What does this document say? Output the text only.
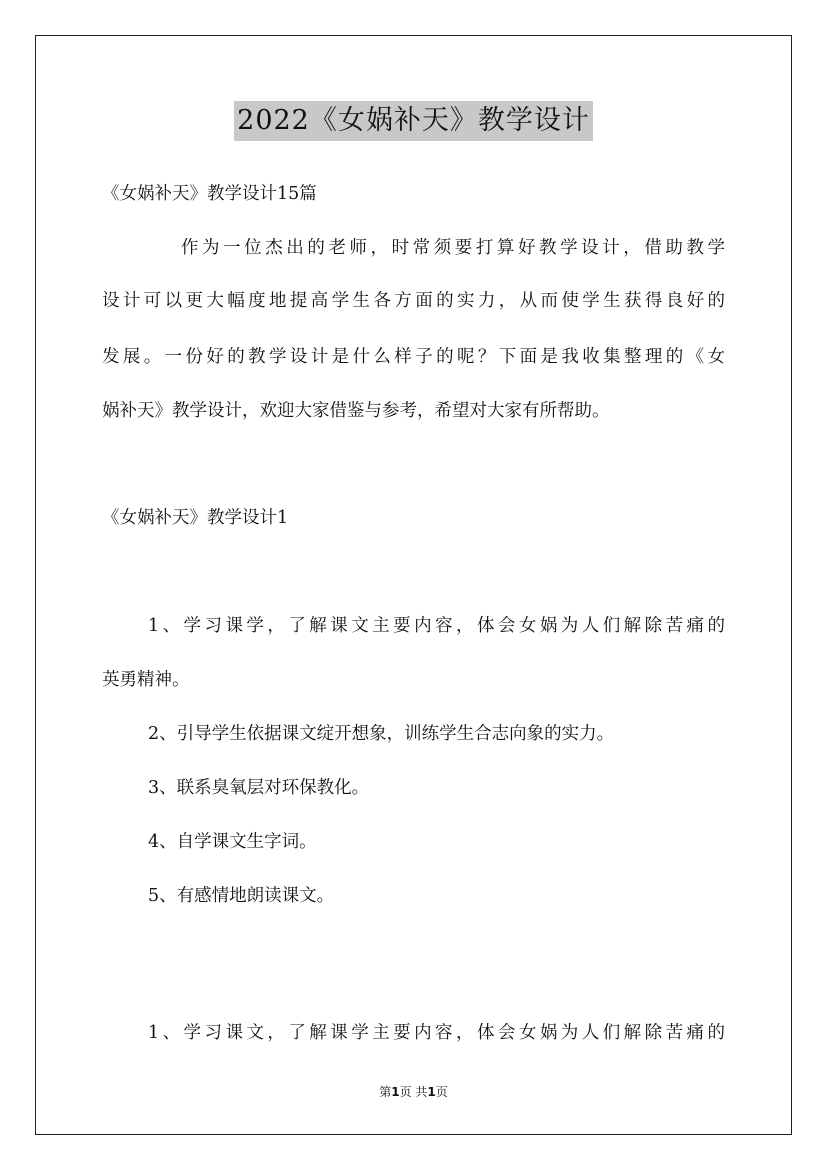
2022《女娲补天》教学设计
《女娲补天》教学设计15篇
作为一位杰出的老师，时常须要打算好教学设计，借助教学
设计可以更大幅度地提高学生各方面的实力，从而使学生获得良好的
发展。一份好的教学设计是什么样子的呢？下面是我收集整理的《女
娲补天》教学设计，欢迎大家借鉴与参考，希望对大家有所帮助。
《女娲补天》教学设计1
1、学习课学，了解课文主要内容，体会女娲为人们解除苦痛的
英勇精神。
2、引导学生依据课文绽开想象，训练学生合志向象的实力。
3、联系臭氧层对环保教化。
4、自学课文生字词。
5、有感情地朗读课文。
1、学习课文，了解课学主要内容，体会女娲为人们解除苦痛的
第1页 共1页
